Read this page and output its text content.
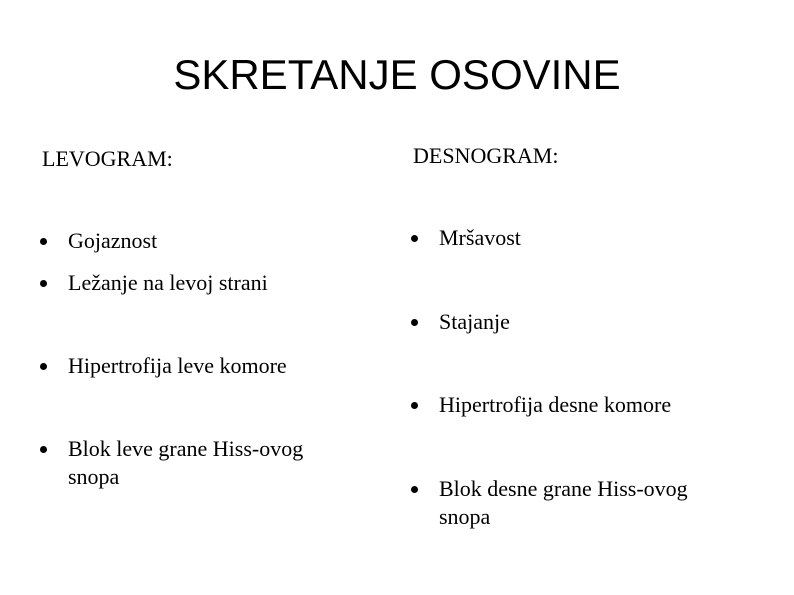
SKRETANJE OSOVINE
LEVOGRAM:
Gojaznost
Ležanje na levoj strani
Hipertrofija leve komore
Blok leve grane Hiss-ovog snopa
DESNOGRAM:
Mršavost
Stajanje
Hipertrofija desne komore
Blok desne grane Hiss-ovog snopa
